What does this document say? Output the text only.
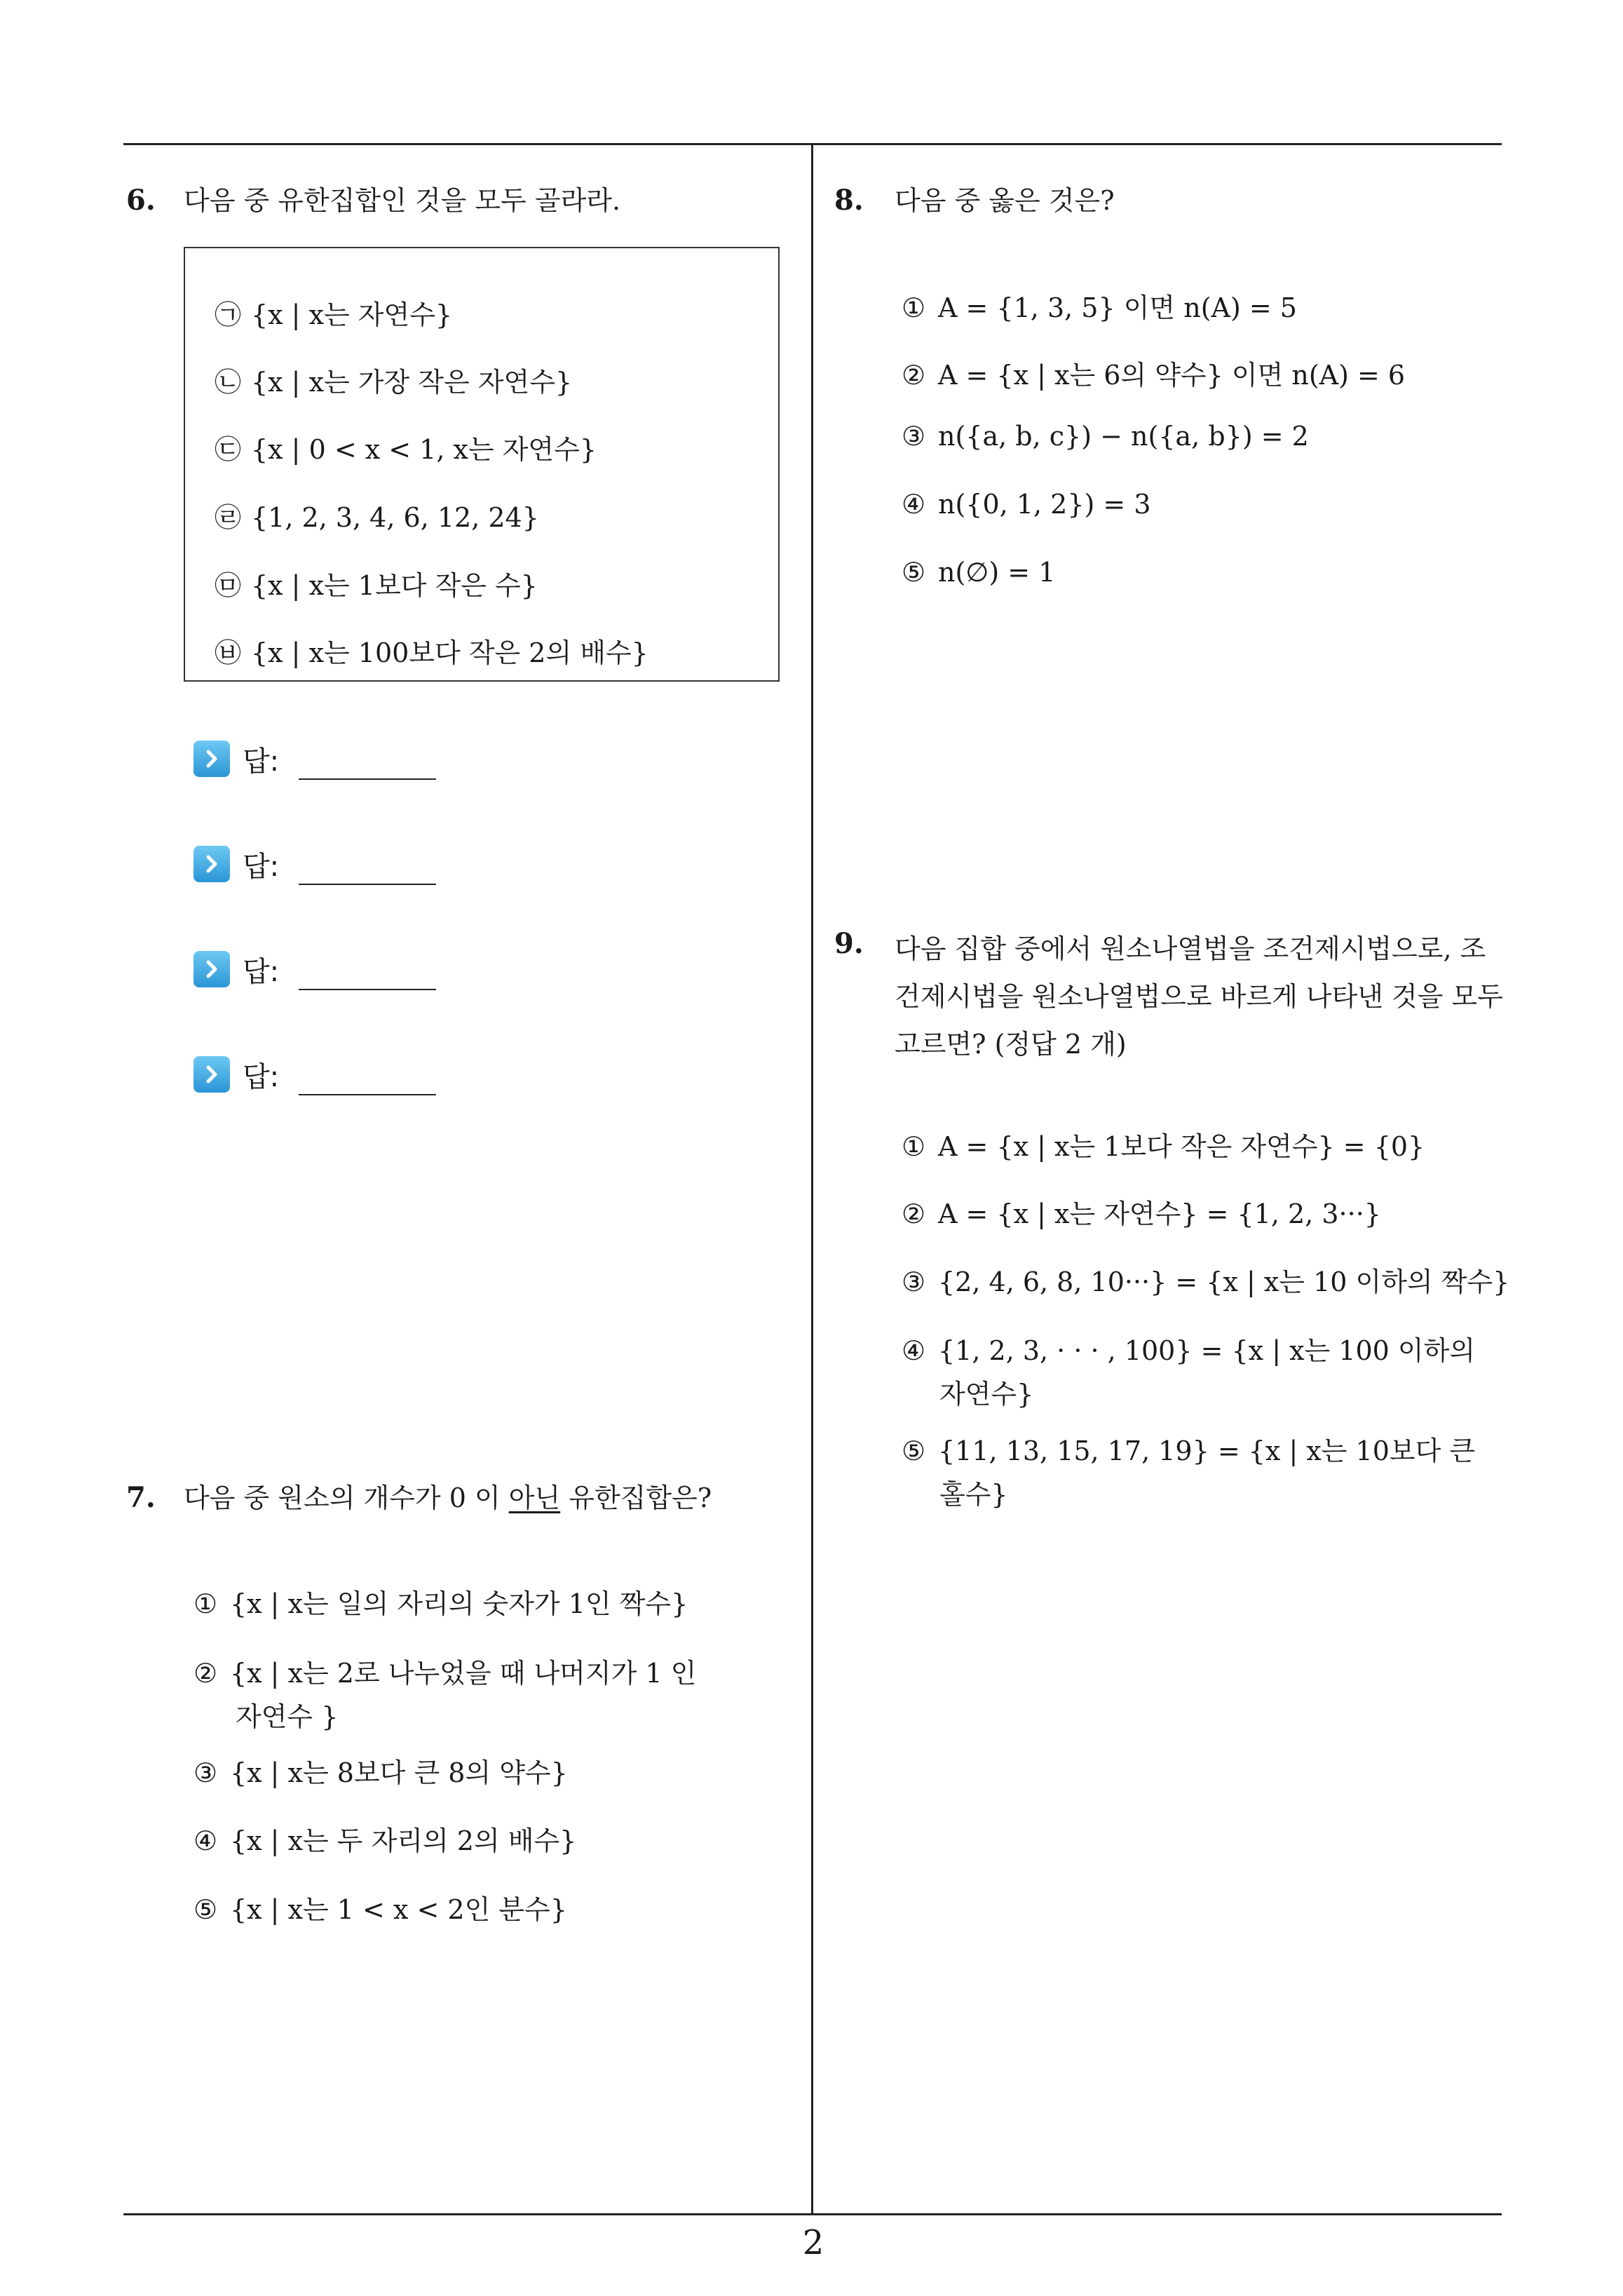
6. 다음 중 유한집합인 것을 모두 골라라.
㉠ {x | x는 자연수}
㉡ {x | x는 가장 작은 자연수}
㉢ {x | 0 < x < 1, x는 자연수}
㉣ {1, 2, 3, 4, 6, 12, 24}
㉤ {x | x는 1보다 작은 수}
㉥ {x | x는 100보다 작은 2의 배수}
답:
답:
답:
답:
7. 다음 중 원소의 개수가 0 이 아닌 유한집합은?
① {x | x는 일의 자리의 숫자가 1인 짝수}
② {x | x는 2로 나누었을 때 나머지가 1 인
자연수 }
③ {x | x는 8보다 큰 8의 약수}
④ {x | x는 두 자리의 2의 배수}
⑤ {x | x는 1 < x < 2인 분수}
8. 다음 중 옳은 것은?
① A = {1, 3, 5} 이면 n(A) = 5
② A = {x | x는 6의 약수} 이면 n(A) = 6
③ n({a, b, c}) − n({a, b}) = 2
④ n({0, 1, 2}) = 3
⑤ n(∅) = 1
9. 다음 집합 중에서 원소나열법을 조건제시법으로, 조
건제시법을 원소나열법으로 바르게 나타낸 것을 모두
고르면? (정답 2 개)
① A = {x | x는 1보다 작은 자연수} = {0}
② A = {x | x는 자연수} = {1, 2, 3···}
③ {2, 4, 6, 8, 10···} = {x | x는 10 이하의 짝수}
④ {1, 2, 3, · · · , 100} = {x | x는 100 이하의
자연수}
⑤ {11, 13, 15, 17, 19} = {x | x는 10보다 큰
홀수}
2
